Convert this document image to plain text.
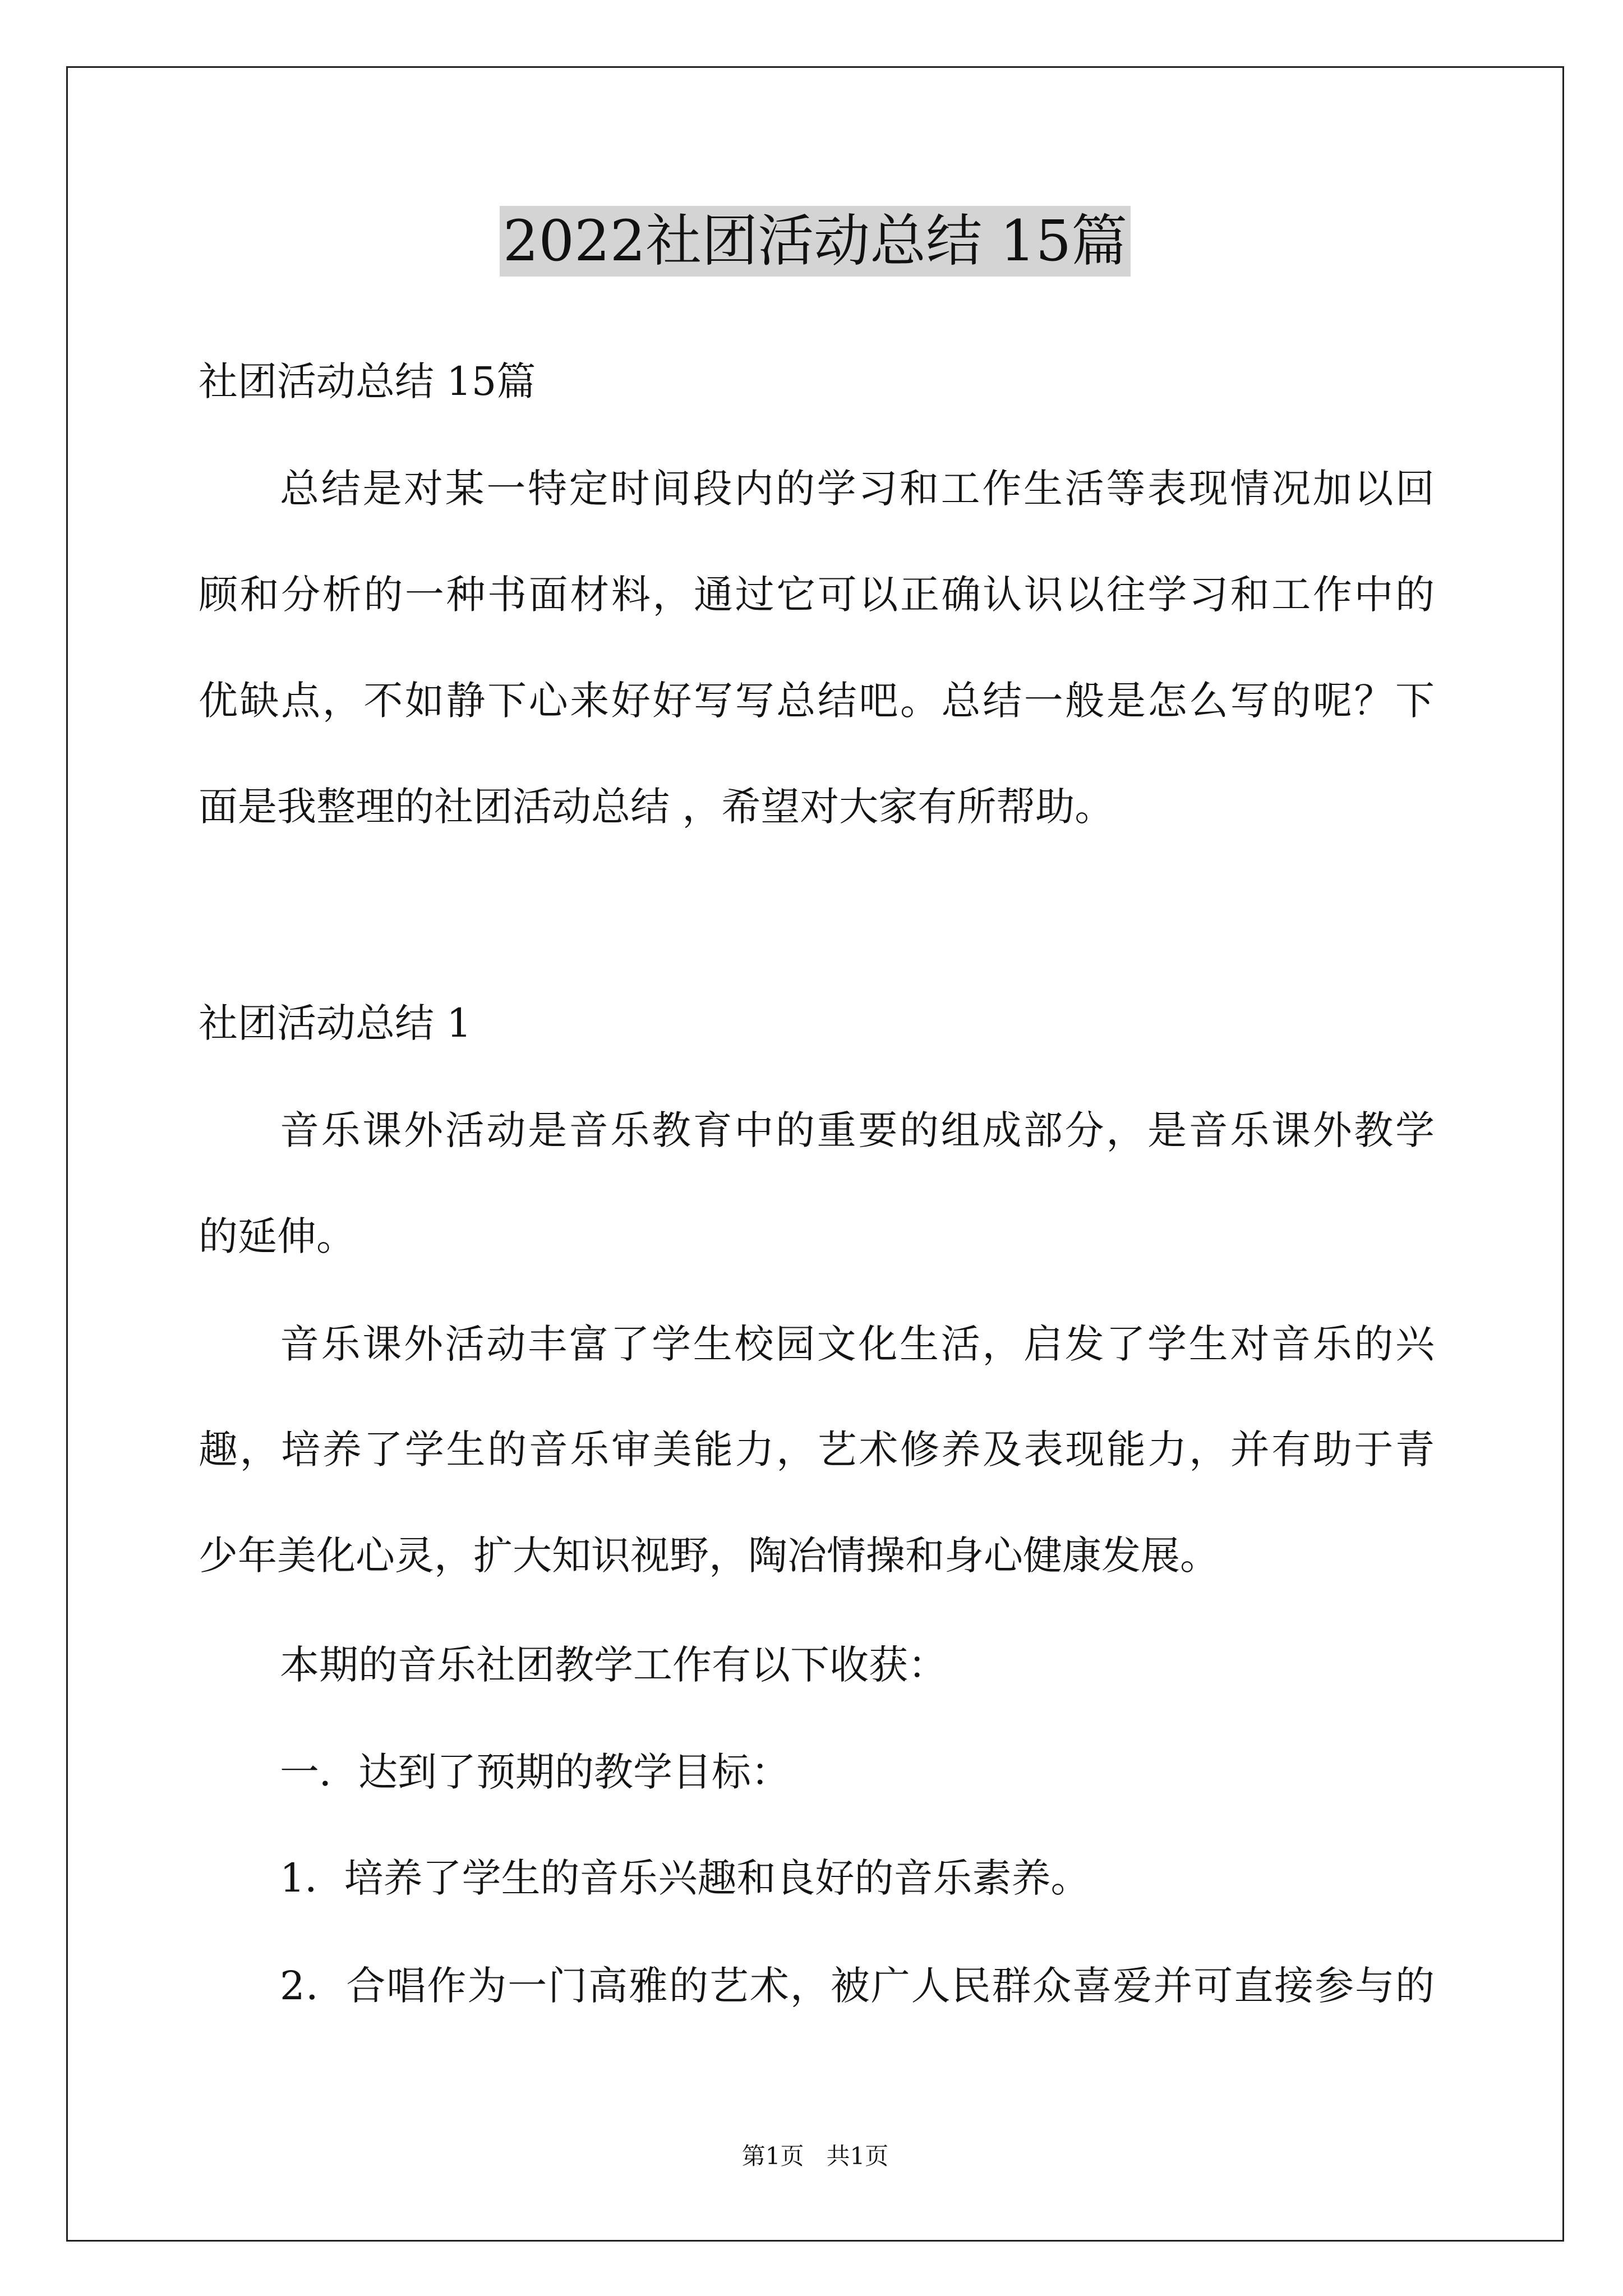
2022社团活动总结 15篇
社团活动总结 15篇
总结是对某一特定时间段内的学习和工作生活等表现情况加以回
顾和分析的一种书面材料，通过它可以正确认识以往学习和工作中的
优缺点，不如静下心来好好写写总结吧。总结一般是怎么写的呢？下
面是我整理的社团活动总结 ，希望对大家有所帮助。
社团活动总结 1
音乐课外活动是音乐教育中的重要的组成部分，是音乐课外教学
的延伸。
音乐课外活动丰富了学生校园文化生活，启发了学生对音乐的兴
趣，培养了学生的音乐审美能力，艺术修养及表现能力，并有助于青
少年美化心灵，扩大知识视野，陶冶情操和身心健康发展。
本期的音乐社团教学工作有以下收获：
一．达到了预期的教学目标：
1．培养了学生的音乐兴趣和良好的音乐素养。
2．合唱作为一门高雅的艺术，被广人民群众喜爱并可直接参与的
第1页 共1页
